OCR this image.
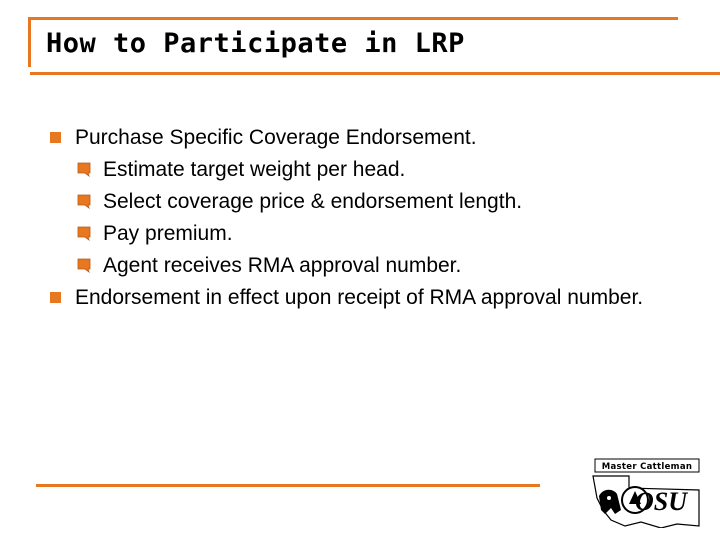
How to Participate in LRP
Purchase Specific Coverage Endorsement.
Estimate target weight per head.
Select coverage price & endorsement length.
Pay premium.
Agent receives RMA approval number.
Endorsement in effect upon receipt of RMA approval number.
Master Cattleman
OSU
